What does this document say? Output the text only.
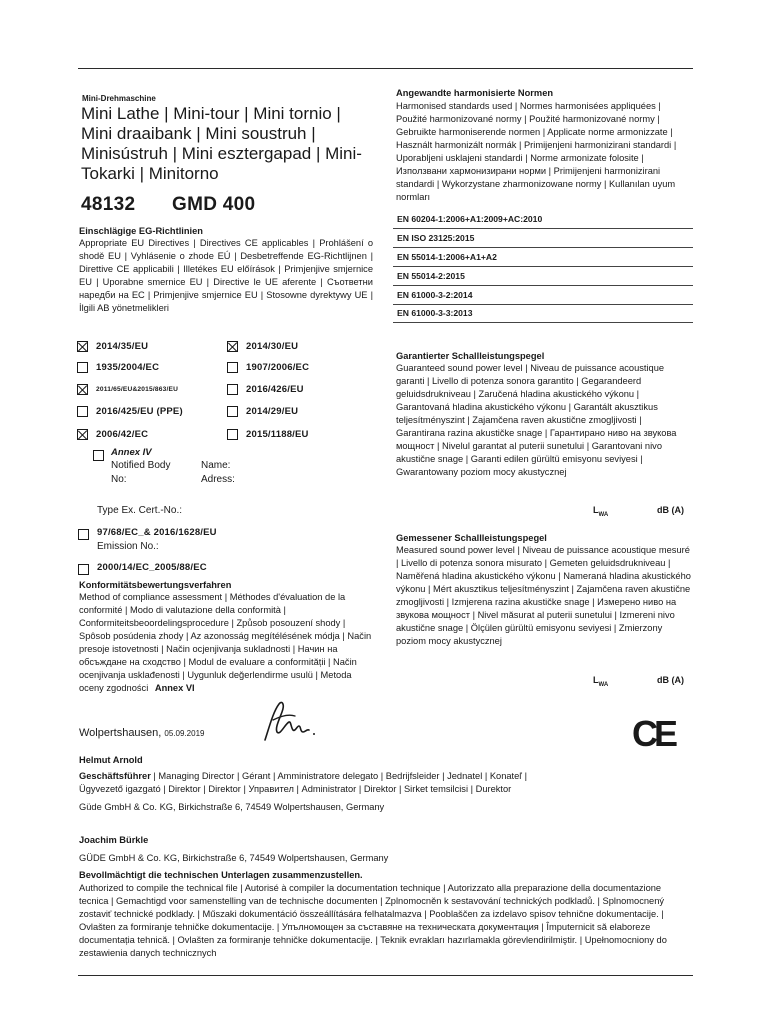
Mini-Drehmaschine
Mini Lathe | Mini-tour | Mini tornio | Mini draaibank | Mini soustruh | Minisústruh | Mini esztergapad | Mini-Tokarki | Minitorno
48132 GMD 400
Einschlägige EG-Richtlinien
Appropriate EU Directives | Directives CE applicables | Prohlášení o shodě EU | Vyhlásenie o zhode EÚ | Desbetreffende EG-Richtlijnen | Direttive CE applicabili | Illetékes EU előírások | Primjenjive smjernice EU | Uporabne smernice EU | Directive le UE aferente | Съответни наредби на ЕС | Primjenjive smjernice EU | Stosowne dyrektywy UE | İlgili AB yönetmelikleri
2014/35/EU	2014/30/EU
1935/2004/EC	1907/2006/EC
2011/65/EU&2015/863/EU	2016/426/EU
2016/425/EU (PPE)	2014/29/EU
2006/42/EC	2015/1188/EU
Annex IV
Notified Body	Name:
No:	Adress:
Type Ex. Cert.-No.:
97/68/EC_& 2016/1628/EU
Emission No.:
2000/14/EC_2005/88/EC
Konformitätsbewertungsverfahren
Method of compliance assessment | Méthodes d'évaluation de la conformité | Modo di valutazione della conformità | Conformiteitsbeoordelingsprocedure | Způsob posouzení shody | Spôsob posúdenia zhody | Az azonosság megítélésének módja | Način presoje istovetnosti | Način ocjenjivanja sukladnosti | Начин на обсъждане на сходство | Modul de evaluare a conformității | Način ocenjivanja usklađenosti | Uygunluk değerlendirme usulü | Metoda oceny zgodności Annex VI
Wolpertshausen, 05.09.2019	CE
Helmut Arnold
Geschäftsführer | Managing Director | Gérant | Amministratore delegato | Bedrijfsleider | Jednatel | Konateľ | Ügyvezető igazgató | Direktor | Direktor | Управител | Administrator | Direktor | Sirket temsilcisi | Durektor
Güde GmbH & Co. KG, Birkichstraße 6, 74549 Wolpertshausen, Germany
Joachim Bürkle
GÜDE GmbH & Co. KG, Birkichstraße 6, 74549 Wolpertshausen, Germany
Bevollmächtigt die technischen Unterlagen zusammenzustellen.
Authorized to compile the technical file | Autorisé à compiler la documentation technique | Autorizzato alla preparazione della documentazione tecnica | Gemachtigd voor samenstelling van de technische documenten | Zplnomocněn k sestavování technických podkladů. | Splnomocnený zostaviť technické podklady. | Műszaki dokumentáció összeállítására felhatalmazva | Pooblaščen za izdelavo spisov tehnične dokumentacije. | Ovlašten za formiranje tehničke dokumentacije. | Упълномощен за съставяне на техническата документация | Împuternicit să elaboreze documentația tehnică. | Ovlašten za formiranje tehničke dokumentacije. | Teknik evrakları hazırlamakla görevlendirilmiştir. | Upełnomocniony do zestawienia danych technicznych
Angewandte harmonisierte Normen
Harmonised standards used | Normes harmonisées appliquées | Použité harmonizované normy | Použité harmonizované normy | Gebruikte harmoniserende normen | Applicate norme armonizzate | Használt harmonizált normák | Primijenjeni harmonizirani standardi | Uporabljeni usklajeni standardi | Norme armonizate folosite | Използвани хармонизирани норми | Primijenjeni harmonizirani standardi | Wykorzystane zharmonizowane normy | Kullanılan uyum normları
EN 60204-1:2006+A1:2009+AC:2010
EN ISO 23125:2015
EN 55014-1:2006+A1+A2
EN 55014-2:2015
EN 61000-3-2:2014
EN 61000-3-3:2013
Garantierter Schallleistungspegel
Guaranteed sound power level | Niveau de puissance acoustique garanti | Livello di potenza sonora garantito | Gegarandeerd geluidsdrukniveau | Zaručená hladina akustického výkonu | Garantovaná hladina akustického výkonu | Garantált akusztikus teljesítményszint | Zajamčena raven akustične zmogljivosti | Garantirana razina akustičke snage | Гарантирано ниво на звукова мощност | Nivelul garantat al puterii sunetului | Garantovani nivo akustične snage | Garanti edilen gürültü emisyonu seviyesi | Gwarantowany poziom mocy akustycznej
$L_{WA}$	dB (A)
Gemessener Schallleistungspegel
Measured sound power level | Niveau de puissance acoustique mesuré | Livello di potenza sonora misurato | Gemeten geluidsdrukniveau | Naměřená hladina akustického výkonu | Nameraná hladina akustického výkonu | Mért akusztikus teljesítményszint | Zajamčena raven akustične zmogljivosti | Izmjerena razina akustičke snage | Измерено ниво на звукова мощност | Nivel măsurat al puterii sunetului | Izmereni nivo akustične snage | Ölçülen gürültü emisyonu seviyesi | Zmierzony poziom mocy akustycznej
$L_{WA}$	dB (A)
